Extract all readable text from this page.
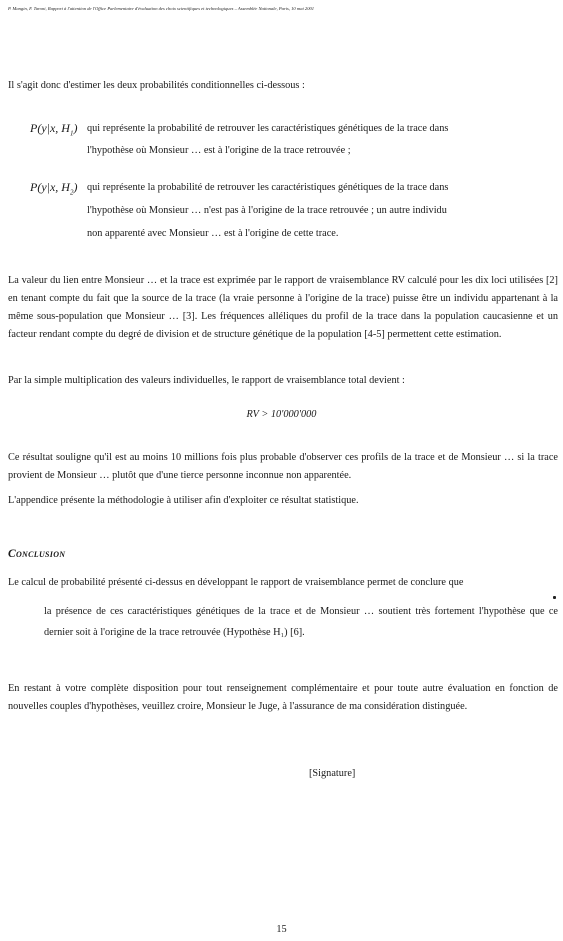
P. Mangin, F. Taroni, Rapport à l'attention de l'Office Parlementaire d'évaluation des choix scientifiques et technologiques – Assemblée Nationale, Paris, 10 mai 2001
Il s'agit donc d'estimer les deux probabilités conditionnelles ci-dessous :
P(y|x, $H_1$) qui représente la probabilité de retrouver les caractéristiques génétiques de la trace dans
l'hypothèse où Monsieur … est à l'origine de la trace retrouvée ;
P(y|x, $H_2$) qui représente la probabilité de retrouver les caractéristiques génétiques de la trace dans
l'hypothèse où Monsieur … n'est pas à l'origine de la trace retrouvée ; un autre individu
non apparenté avec Monsieur … est à l'origine de cette trace.
La valeur du lien entre Monsieur … et la trace est exprimée par le rapport de vraisemblance RV calculé pour les dix loci utilisées [2] en tenant compte du fait que la source de la trace (la vraie personne à l'origine de la trace) puisse être un individu appartenant à la même sous-population que Monsieur … [3]. Les fréquences alléliques du profil de la trace dans la population caucasienne et un facteur rendant compte du degré de division et de structure génétique de la population [4-5] permettent cette estimation.
Par la simple multiplication des valeurs individuelles, le rapport de vraisemblance total devient :
RV > 10'000'000
Ce résultat souligne qu'il est au moins 10 millions fois plus probable d'observer ces profils de la trace et de Monsieur … si la trace provient de Monsieur … plutôt que d'une tierce personne inconnue non apparentée.
L'appendice présente la méthodologie à utiliser afin d'exploiter ce résultat statistique.
Conclusion
Le calcul de probabilité présenté ci-dessus en développant le rapport de vraisemblance permet de conclure que
la présence de ces caractéristiques génétiques de la trace et de Monsieur … soutient très fortement l'hypothèse que ce dernier soit à l'origine de la trace retrouvée (Hypothèse H₁) [6].
En restant à votre complète disposition pour tout renseignement complémentaire et pour toute autre évaluation en fonction de nouvelles couples d'hypothèses, veuillez croire, Monsieur le Juge, à l'assurance de ma considération distinguée.
[Signature]
15
